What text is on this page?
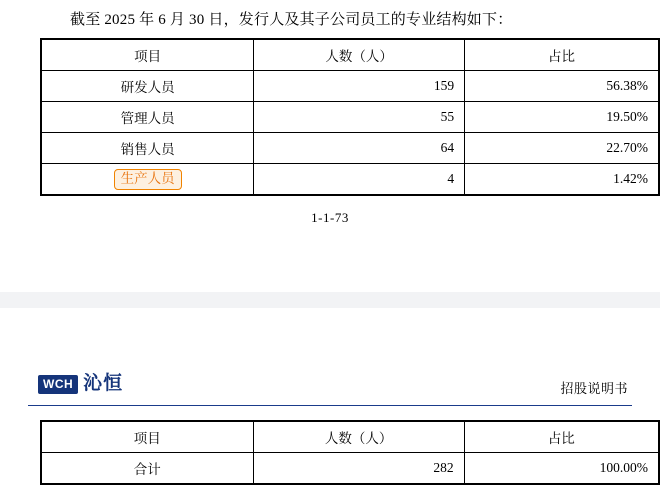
截至 2025 年 6 月 30 日，发行人及其子公司员工的专业结构如下：
项目	人数（人）	占比
研发人员	159	56.38%
管理人员	55	19.50%
销售人员	64	22.70%
生产人员	4	1.42%
1-1-73
WCH 沁恒	招股说明书
项目	人数（人）	占比
合计	282	100.00%
